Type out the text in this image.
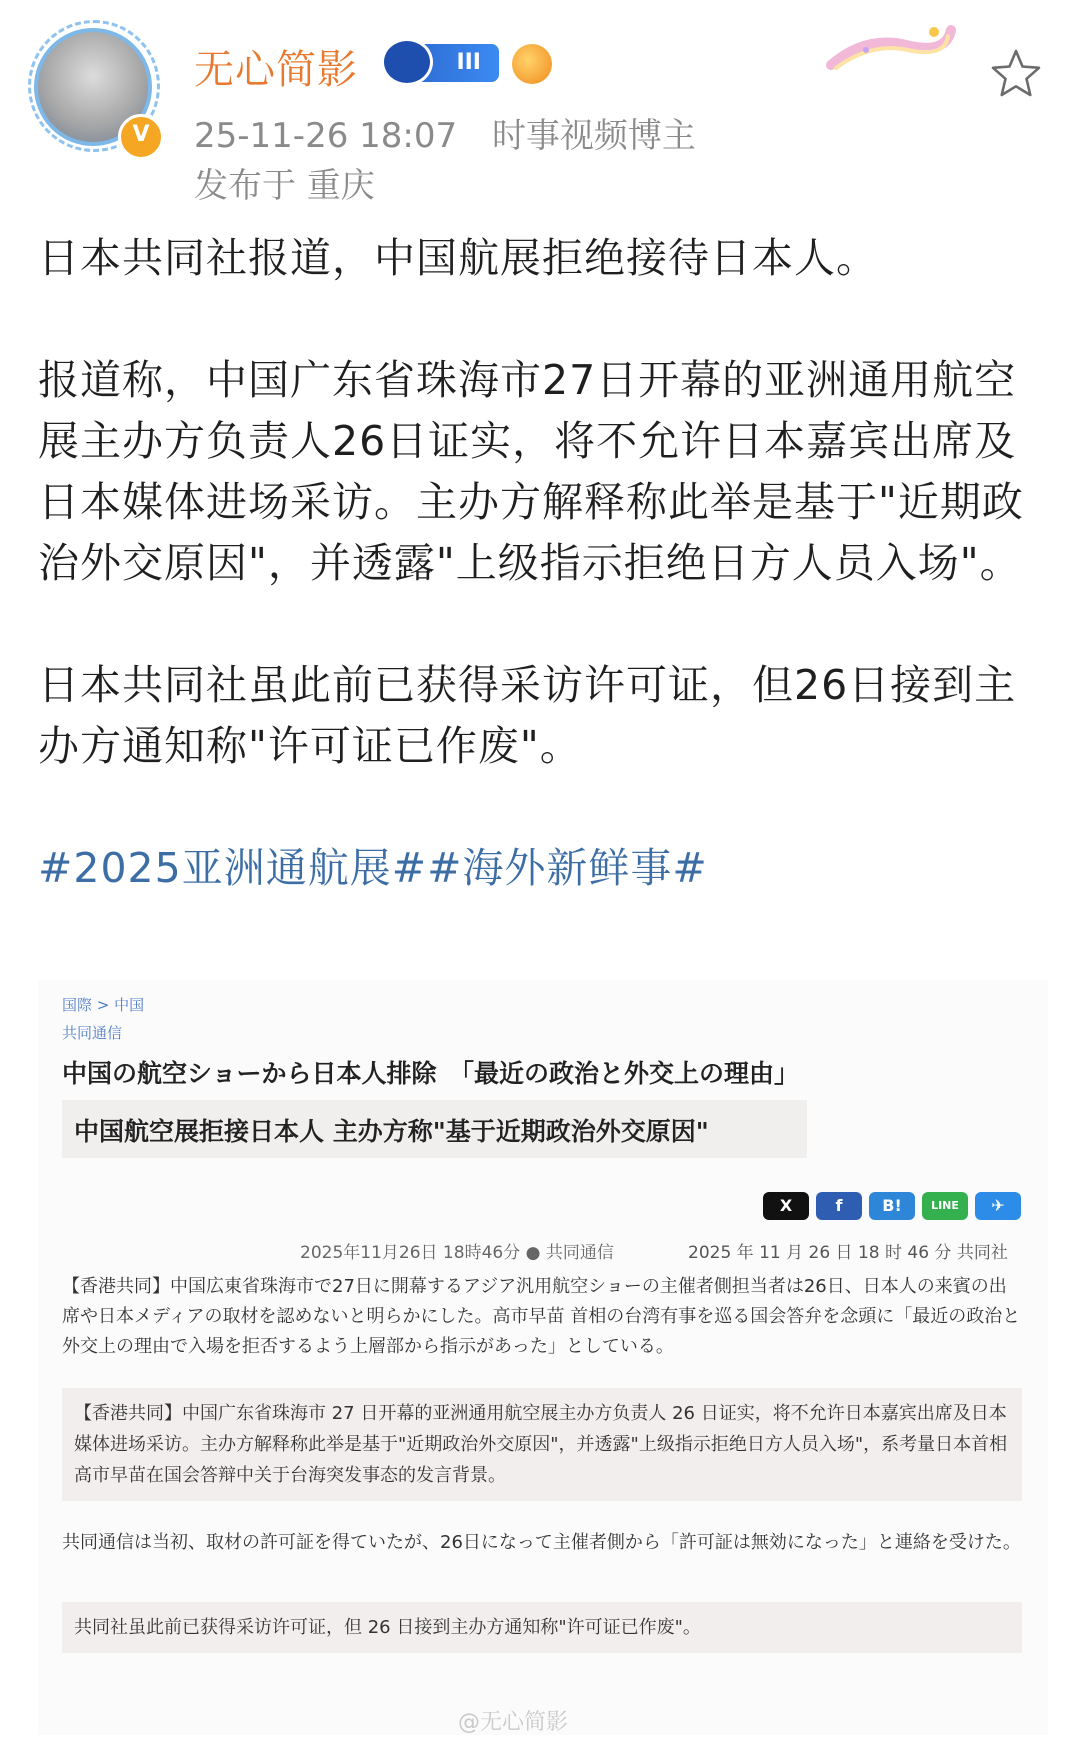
V
无心简影	III
25-11-26 18:07 时事视频博主
发布于 重庆

日本共同社报道，中国航展拒绝接待日本人。

报道称，中国广东省珠海市27日开幕的亚洲通用航空展主办方负责人26日证实，将不允许日本嘉宾出席及日本媒体进场采访。主办方解释称此举是基于"近期政治外交原因"，并透露"上级指示拒绝日方人员入场"。

日本共同社虽此前已获得采访许可证，但26日接到主办方通知称"许可证已作废"。

#2025亚洲通航展##海外新鲜事#
国際 > 中国
共同通信
中国の航空ショーから日本人排除　「最近の政治と外交上の理由」
中国航空展拒接日本人 主办方称"基于近期政治外交原因"
X	f	B!	LINE	✈
2025年11月26日 18時46分 ● 共同通信	2025 年 11 月 26 日 18 时 46 分 共同社
【香港共同】中国広東省珠海市で27日に開幕するアジア汎用航空ショーの主催者側担当者は26日、日本人の来賓の出席や日本メディアの取材を認めないと明らかにした。高市早苗 首相の台湾有事を巡る国会答弁を念頭に「最近の政治と外交上の理由で入場を拒否するよう上層部から指示があった」としている。

【香港共同】中国广东省珠海市 27 日开幕的亚洲通用航空展主办方负责人 26 日证实，将不允许日本嘉宾出席及日本媒体进场采访。主办方解释称此举是基于"近期政治外交原因"，并透露"上级指示拒绝日方人员入场"，系考量日本首相高市早苗在国会答辩中关于台海突发事态的发言背景。

共同通信は当初、取材の許可証を得ていたが、26日になって主催者側から「許可証は無効になった」と連絡を受けた。

共同社虽此前已获得采访许可证，但 26 日接到主办方通知称"许可证已作废"。

@无心简影
